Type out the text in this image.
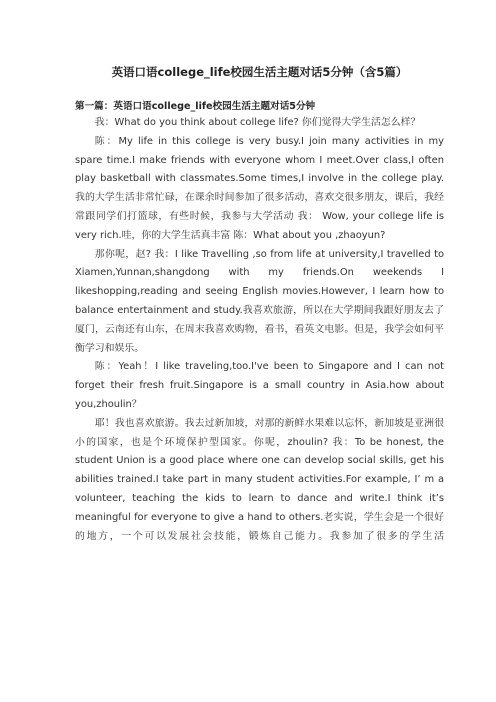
英语口语college_life校园生活主题对话5分钟（含5篇）
第一篇：英语口语college_life校园生活主题对话5分钟

我：What do you think about college life? 你们觉得大学生活怎么样？

陈：My life in this college is very busy.I join many activities in my spare time.I make friends with everyone whom I meet.Over class,I often play basketball with classmates.Some times,I involve in the college play.我的大学生活非常忙碌，在课余时间参加了很多活动，喜欢交很多朋友，课后，我经常跟同学们打篮球，有些时候，我参与大学活动 我： Wow, your college life is very rich.哇，你的大学生活真丰富 陈：What about you ,zhaoyun?

那你呢，赵? 我：I like Travelling ,so from life at university,I travelled to Xiamen,Yunnan,shangdong with my friends.On weekends I likeshopping,reading and seeing English movies.However, I learn how to balance entertainment and study.我喜欢旅游，所以在大学期间我跟好朋友去了厦门，云南还有山东，在周末我喜欢购物，看书，看英文电影。但是，我学会如何平衡学习和娱乐。

陈：Yeah！I like traveling,too.I've been to Singapore and I can not forget their fresh fruit.Singapore is a small country in Asia.how about you,zhoulin？

耶！我也喜欢旅游。我去过新加坡，对那的新鲜水果难以忘怀，新加坡是亚洲很小的国家，也是个环境保护型国家。你呢，zhoulin? 我：To be honest, the student Union is a good place where one can develop social skills, get his abilities trained.I take part in many student activities.For example, I’ m a volunteer, teaching the kids to learn to dance and write.I think it’s meaningful for everyone to give a hand to others.老实说，学生会是一个很好的地方，一个可以发展社会技能，锻炼自己能力。我参加了很多的学生活
